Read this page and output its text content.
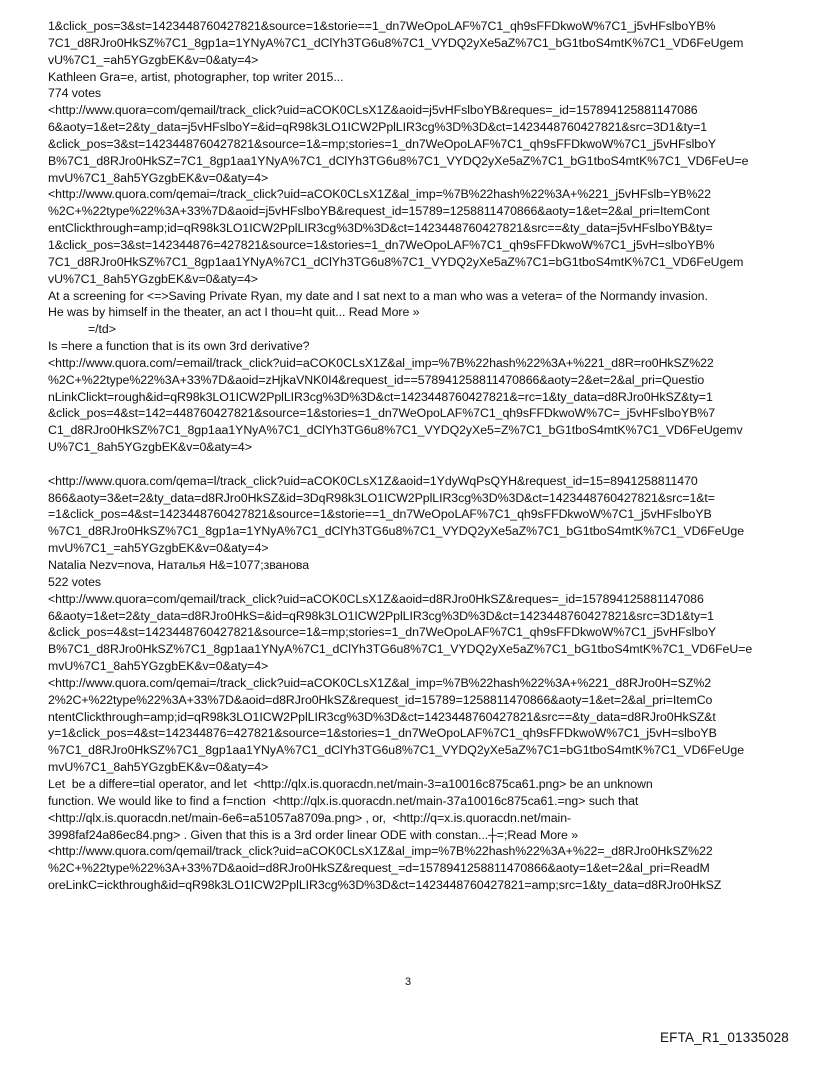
1&click_pos=3&st=1423448760427821&source=1&storie==1_dn7WeOpoLAF%7C1_qh9sFFDkwoW%7C1_j5vHFslboYB%
7C1_d8RJro0HkSZ%7C1_8gp1a=1YNyA%7C1_dClYh3TG6u8%7C1_VYDQ2yXe5aZ%7C1_bG1tboS4mtK%7C1_VD6FeUgem
vU%7C1_=ah5YGzgbEK&v=0&aty=4>
Kathleen Gra=e, artist, photographer, top writer 2015...
774 votes
<http://www.quora=com/qemail/track_click?uid=aCOK0CLsX1Z&aoid=j5vHFslboYB&reques=_id=157894125881147086
6&aoty=1&et=2&ty_data=j5vHFslboY=&id=qR98k3LO1ICW2PplLIR3cg%3D%3D&ct=1423448760427821&src=3D1&ty=1
&click_pos=3&st=1423448760427821&source=1&=mp;stories=1_dn7WeOpoLAF%7C1_qh9sFFDkwoW%7C1_j5vHFslboY
B%7C1_d8RJro0HkSZ=7C1_8gp1aa1YNyA%7C1_dClYh3TG6u8%7C1_VYDQ2yXe5aZ%7C1_bG1tboS4mtK%7C1_VD6FeU=e
mvU%7C1_8ah5YGzgbEK&v=0&aty=4>
<http://www.quora.com/qemai=/track_click?uid=aCOK0CLsX1Z&al_imp=%7B%22hash%22%3A+%221_j5vHFslb=YB%22
%2C+%22type%22%3A+33%7D&aoid=j5vHFslboYB&request_id=15789=1258811470866&aoty=1&et=2&al_pri=ItemCont
entClickthrough=amp;id=qR98k3LO1ICW2PplLIR3cg%3D%3D&ct=1423448760427821&src==&ty_data=j5vHFslboYB&ty=
1&click_pos=3&st=142344876=427821&source=1&stories=1_dn7WeOpoLAF%7C1_qh9sFFDkwoW%7C1_j5vH=slboYB%
7C1_d8RJro0HkSZ%7C1_8gp1aa1YNyA%7C1_dClYh3TG6u8%7C1_VYDQ2yXe5aZ%7C1=bG1tboS4mtK%7C1_VD6FeUgem
vU%7C1_8ah5YGzgbEK&v=0&aty=4>
At a screening for <=>Saving Private Ryan, my date and I sat next to a man who was a vetera= of the Normandy invasion.
He was by himself in the theater, an act I thou=ht quit... Read More »
=/td>
Is =here a function that is its own 3rd derivative?
<http://www.quora.com/=email/track_click?uid=aCOK0CLsX1Z&al_imp=%7B%22hash%22%3A+%221_d8R=ro0HkSZ%22
%2C+%22type%22%3A+33%7D&aoid=zHjkaVNK0I4&request_id==578941258811470866&aoty=2&et=2&al_pri=Questio
nLinkClickt=rough&id=qR98k3LO1ICW2PplLIR3cg%3D%3D&ct=1423448760427821&=rc=1&ty_data=d8RJro0HkSZ&ty=1
&click_pos=4&st=142=448760427821&source=1&stories=1_dn7WeOpoLAF%7C1_qh9sFFDkwoW%7C=_j5vHFslboYB%7
C1_d8RJro0HkSZ%7C1_8gp1aa1YNyA%7C1_dClYh3TG6u8%7C1_VYDQ2yXe5=Z%7C1_bG1tboS4mtK%7C1_VD6FeUgemv
U%7C1_8ah5YGzgbEK&v=0&aty=4>
<http://www.quora.com/qema=l/track_click?uid=aCOK0CLsX1Z&aoid=1YdyWqPsQYH&request_id=15=8941258811470
866&aoty=3&et=2&ty_data=d8RJro0HkSZ&id=3DqR98k3LO1ICW2PplLIR3cg%3D%3D&ct=1423448760427821&src=1&t=
=1&click_pos=4&st=1423448760427821&source=1&storie==1_dn7WeOpoLAF%7C1_qh9sFFDkwoW%7C1_j5vHFslboYB
%7C1_d8RJro0HkSZ%7C1_8gp1a=1YNyA%7C1_dClYh3TG6u8%7C1_VYDQ2yXe5aZ%7C1_bG1tboS4mtK%7C1_VD6FeUge
mvU%7C1_=ah5YGzgbEK&v=0&aty=4>
Natalia Nezv=nova, Наталья Н&=1077;званова
522 votes
<http://www.quora=com/qemail/track_click?uid=aCOK0CLsX1Z&aoid=d8RJro0HkSZ&reques=_id=157894125881147086
6&aoty=1&et=2&ty_data=d8RJro0HkS=&id=qR98k3LO1ICW2PplLIR3cg%3D%3D&ct=1423448760427821&src=3D1&ty=1
&click_pos=4&st=1423448760427821&source=1&=mp;stories=1_dn7WeOpoLAF%7C1_qh9sFFDkwoW%7C1_j5vHFslboY
B%7C1_d8RJro0HkSZ%7C1_8gp1aa1YNyA%7C1_dClYh3TG6u8%7C1_VYDQ2yXe5aZ%7C1_bG1tboS4mtK%7C1_VD6FeU=e
mvU%7C1_8ah5YGzgbEK&v=0&aty=4>
<http://www.quora.com/qemai=/track_click?uid=aCOK0CLsX1Z&al_imp=%7B%22hash%22%3A+%221_d8RJro0H=SZ%2
2%2C+%22type%22%3A+33%7D&aoid=d8RJro0HkSZ&request_id=15789=1258811470866&aoty=1&et=2&al_pri=ItemCo
ntentClickthrough=amp;id=qR98k3LO1ICW2PplLIR3cg%3D%3D&ct=1423448760427821&src==&ty_data=d8RJro0HkSZ&t
y=1&click_pos=4&st=142344876=427821&source=1&stories=1_dn7WeOpoLAF%7C1_qh9sFFDkwoW%7C1_j5vH=slboYB
%7C1_d8RJro0HkSZ%7C1_8gp1aa1YNyA%7C1_dClYh3TG6u8%7C1_VYDQ2yXe5aZ%7C1=bG1tboS4mtK%7C1_VD6FeUge
mvU%7C1_8ah5YGzgbEK&v=0&aty=4>
Let  be a differe=tial operator, and let  <http://qlx.is.quoracdn.net/main-3=a10016c875ca61.png> be an unknown
function. We would like to find a f=nction  <http://qlx.is.quoracdn.net/main-37a10016c875ca61.=ng> such that
<http://qlx.is.quoracdn.net/main-6e6=a51057a8709a.png> , or,  <http://q=x.is.quoracdn.net/main-
3998faf24a86ec84.png> . Given that this is a 3rd order linear ODE with constan...┼=;Read More »
<http://www.quora.com/qemail/track_click?uid=aCOK0CLsX1Z&al_imp=%7B%22hash%22%3A+%22=_d8RJro0HkSZ%22
%2C+%22type%22%3A+33%7D&aoid=d8RJro0HkSZ&request_=d=1578941258811470866&aoty=1&et=2&al_pri=ReadM
oreLinkC=ickthrough&id=qR98k3LO1ICW2PplLIR3cg%3D%3D&ct=1423448760427821=amp;src=1&ty_data=d8RJro0HkSZ
3
EFTA_R1_01335028
